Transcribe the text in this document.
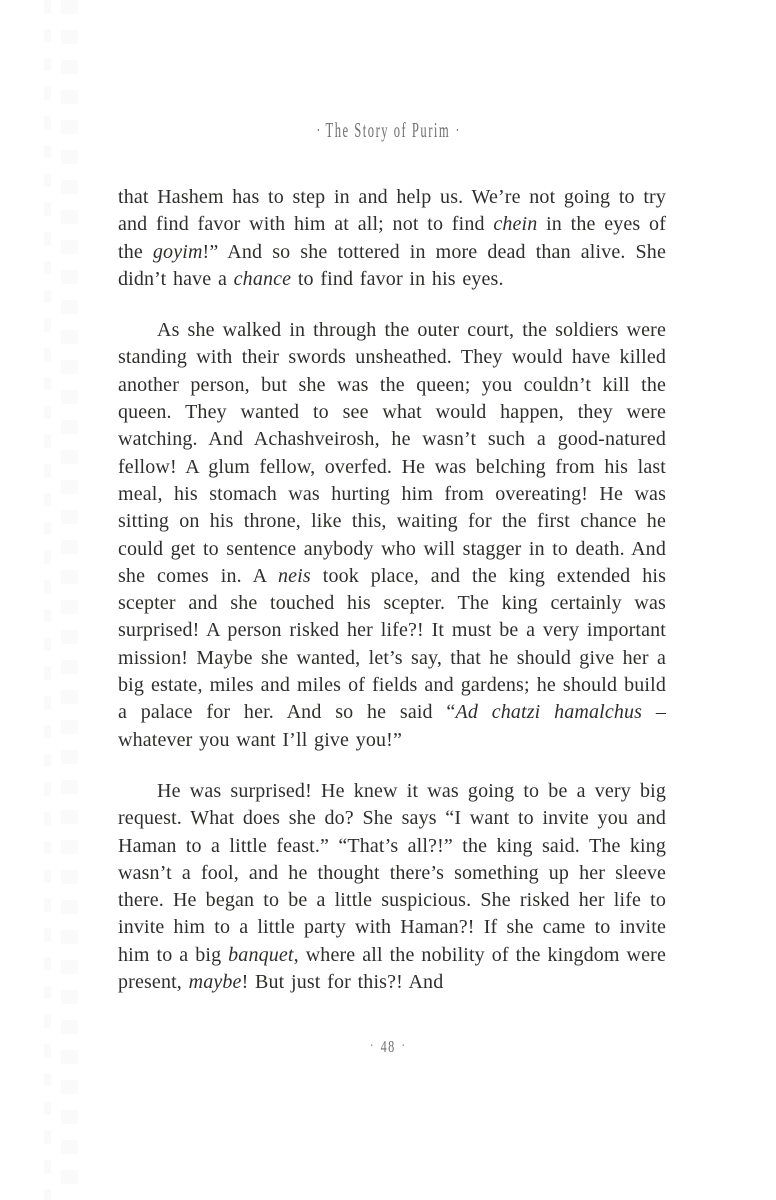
· The Story of Purim ·

that Hashem has to step in and help us. We’re not going to try and find favor with him at all; not to find chein in the eyes of the goyim!” And so she tottered in more dead than alive. She didn’t have a chance to find favor in his eyes.

As she walked in through the outer court, the soldiers were standing with their swords unsheathed. They would have killed another person, but she was the queen; you couldn’t kill the queen. They wanted to see what would happen, they were watching. And Achashveirosh, he wasn’t such a good-natured fellow! A glum fellow, overfed. He was belching from his last meal, his stomach was hurting him from overeating! He was sitting on his throne, like this, waiting for the first chance he could get to sentence anybody who will stagger in to death. And she comes in. A neis took place, and the king extended his scepter and she touched his scepter. The king certainly was surprised! A person risked her life?! It must be a very important mission! Maybe she wanted, let’s say, that he should give her a big estate, miles and miles of fields and gardens; he should build a palace for her. And so he said “Ad chatzi hamalchus – whatever you want I’ll give you!”

He was surprised! He knew it was going to be a very big request. What does she do? She says “I want to invite you and Haman to a little feast.” “That’s all?!” the king said. The king wasn’t a fool, and he thought there’s something up her sleeve there. He began to be a little suspicious. She risked her life to invite him to a little party with Haman?! If she came to invite him to a big banquet, where all the nobility of the kingdom were present, maybe! But just for this?! And

· 48 ·
